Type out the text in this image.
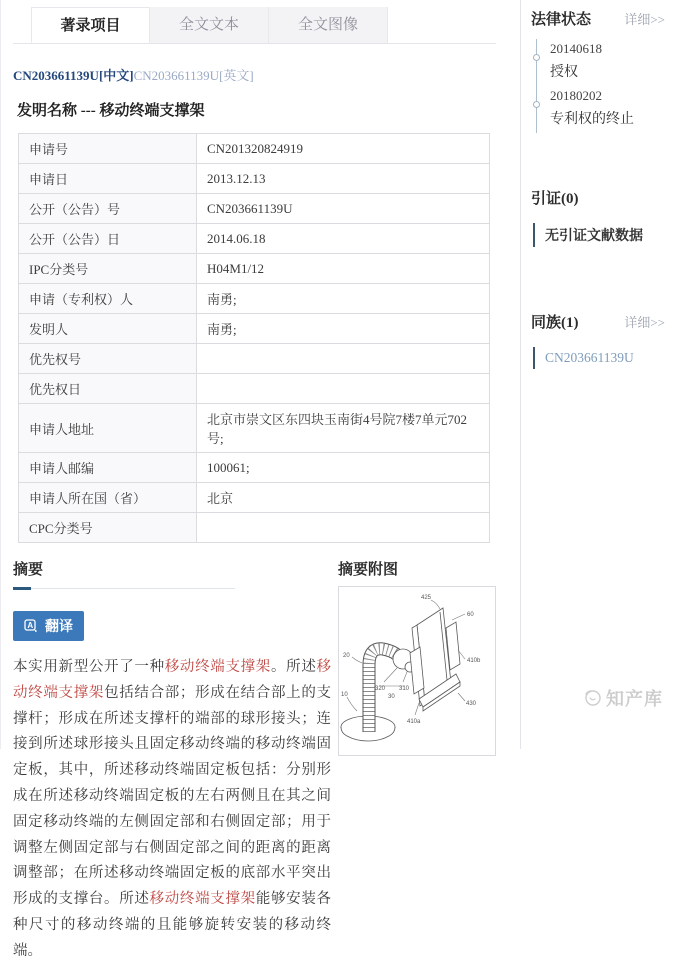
著录项目	全文文本	全文图像
CN203661139U[中文]CN203661139U[英文]
发明名称 --- 移动终端支撑架
申请号	CN201320824919
申请日	2013.12.13
公开（公告）号	CN203661139U
公开（公告）日	2014.06.18
IPC分类号	H04M1/12
申请（专利权）人	南勇;
发明人	南勇;
优先权号	
优先权日	
申请人地址	北京市崇文区东四块玉南街4号院7楼7单元702号;
申请人邮编	100061;
申请人所在国（省）	北京
CPC分类号	
摘要
A 翻译

本实用新型公开了一种移动终端支撑架。所述移动终端支撑架包括结合部；形成在结合部上的支撑杆；形成在所述支撑杆的端部的球形接头；连接到所述球形接头且固定移动终端的移动终端固定板，其中，所述移动终端固定板包括：分别形成在所述移动终端固定板的左右两侧且在其之间固定移动终端的左侧固定部和右侧固定部；用于调整左侧固定部与右侧固定部之间的距离的距离调整部；在所述移动终端固定板的底部水平突出形成的支撑台。所述移动终端支撑架能够安装各种尺寸的移动终端的且能够旋转安装的移动终端。

摘要附图
425
60
20
410b
320 310
30
10
410a
430
法律状态	详细>>
20140618
授权
20180202
专利权的终止
引证(0)
无引证文献数据
同族(1)	详细>>
CN203661139U
知产库
